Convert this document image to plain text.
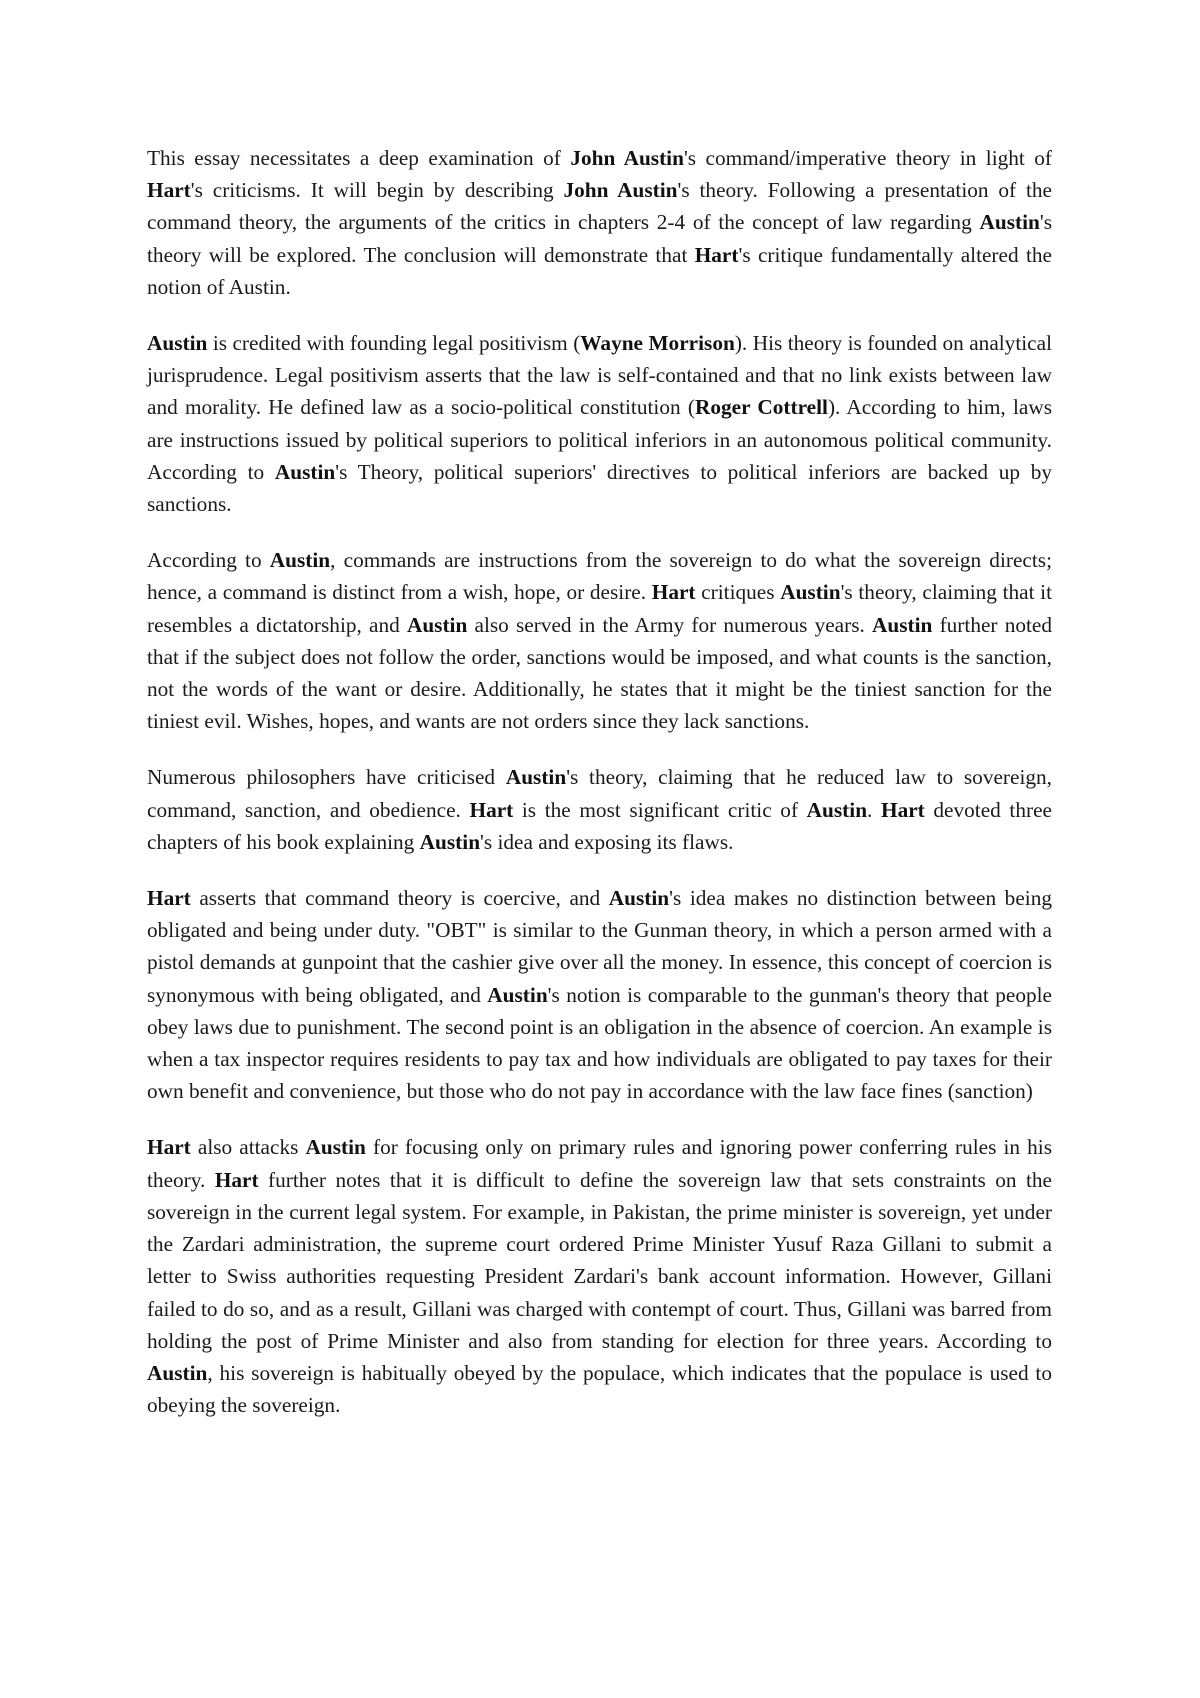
This essay necessitates a deep examination of John Austin's command/imperative theory in light of Hart's criticisms. It will begin by describing John Austin's theory. Following a presentation of the command theory, the arguments of the critics in chapters 2-4 of the concept of law regarding Austin's theory will be explored. The conclusion will demonstrate that Hart's critique fundamentally altered the notion of Austin.

Austin is credited with founding legal positivism (Wayne Morrison). His theory is founded on analytical jurisprudence. Legal positivism asserts that the law is self-contained and that no link exists between law and morality. He defined law as a socio-political constitution (Roger Cottrell). According to him, laws are instructions issued by political superiors to political inferiors in an autonomous political community. According to Austin's Theory, political superiors' directives to political inferiors are backed up by sanctions.

According to Austin, commands are instructions from the sovereign to do what the sovereign directs; hence, a command is distinct from a wish, hope, or desire. Hart critiques Austin's theory, claiming that it resembles a dictatorship, and Austin also served in the Army for numerous years. Austin further noted that if the subject does not follow the order, sanctions would be imposed, and what counts is the sanction, not the words of the want or desire. Additionally, he states that it might be the tiniest sanction for the tiniest evil. Wishes, hopes, and wants are not orders since they lack sanctions.

Numerous philosophers have criticised Austin's theory, claiming that he reduced law to sovereign, command, sanction, and obedience. Hart is the most significant critic of Austin. Hart devoted three chapters of his book explaining Austin's idea and exposing its flaws.

Hart asserts that command theory is coercive, and Austin's idea makes no distinction between being obligated and being under duty. "OBT" is similar to the Gunman theory, in which a person armed with a pistol demands at gunpoint that the cashier give over all the money. In essence, this concept of coercion is synonymous with being obligated, and Austin's notion is comparable to the gunman's theory that people obey laws due to punishment. The second point is an obligation in the absence of coercion. An example is when a tax inspector requires residents to pay tax and how individuals are obligated to pay taxes for their own benefit and convenience, but those who do not pay in accordance with the law face fines (sanction)

Hart also attacks Austin for focusing only on primary rules and ignoring power conferring rules in his theory. Hart further notes that it is difficult to define the sovereign law that sets constraints on the sovereign in the current legal system. For example, in Pakistan, the prime minister is sovereign, yet under the Zardari administration, the supreme court ordered Prime Minister Yusuf Raza Gillani to submit a letter to Swiss authorities requesting President Zardari's bank account information. However, Gillani failed to do so, and as a result, Gillani was charged with contempt of court. Thus, Gillani was barred from holding the post of Prime Minister and also from standing for election for three years. According to Austin, his sovereign is habitually obeyed by the populace, which indicates that the populace is used to obeying the sovereign.
